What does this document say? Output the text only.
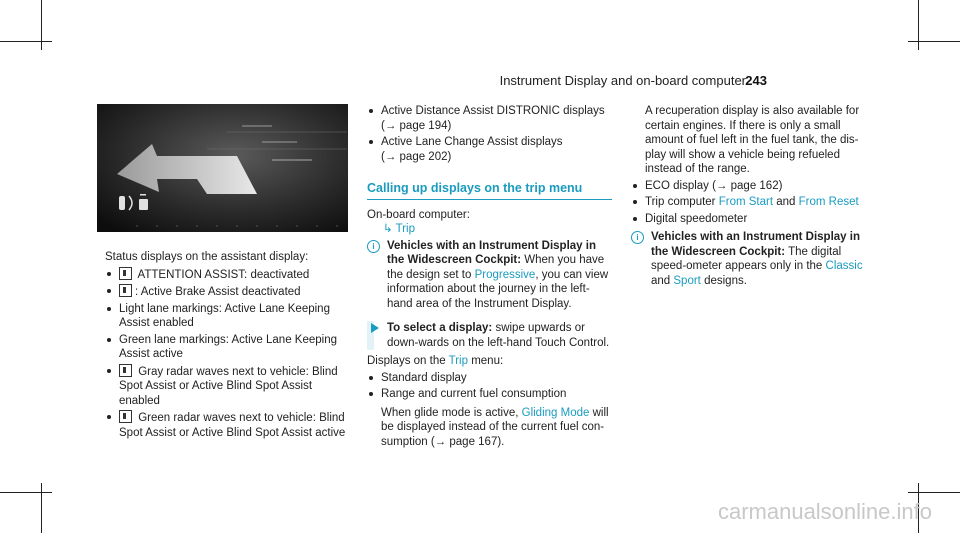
Instrument Display and on-board computer 243

Status displays on the assistant display:

ATTENTION ASSIST: deactivated
: Active Brake Assist deactivated
Light lane markings: Active Lane Keeping Assist enabled
Green lane markings: Active Lane Keeping Assist active
Gray radar waves next to vehicle: Blind Spot Assist or Active Blind Spot Assist enabled
Green radar waves next to vehicle: Blind Spot Assist or Active Blind Spot Assist active
Active Distance Assist DISTRONIC displays
(→ page 194)
Active Lane Change Assist displays
(→ page 202)
Calling up displays on the trip menu

On-board computer:

↳ Trip

i	Vehicles with an Instrument Display in the Widescreen Cockpit: When you have the design set to Progressive, you can view information about the journey in the left-hand area of the Instrument Display.
To select a display: swipe upwards or down-wards on the left-hand Touch Control.

Displays on the Trip menu:

Standard display
Range and current fuel consumption

When glide mode is active, Gliding Mode will be displayed instead of the current fuel con-sumption (→ page 167).

A recuperation display is also available for certain engines. If there is only a small amount of fuel left in the fuel tank, the dis-play will show a vehicle being refueled instead of the range.

ECO display (→ page 162)
Trip computer From Start and From Reset
Digital speedometer
i	Vehicles with an Instrument Display in the Widescreen Cockpit: The digital speed-ometer appears only in the Classic and Sport designs.
carmanualsonline.info
